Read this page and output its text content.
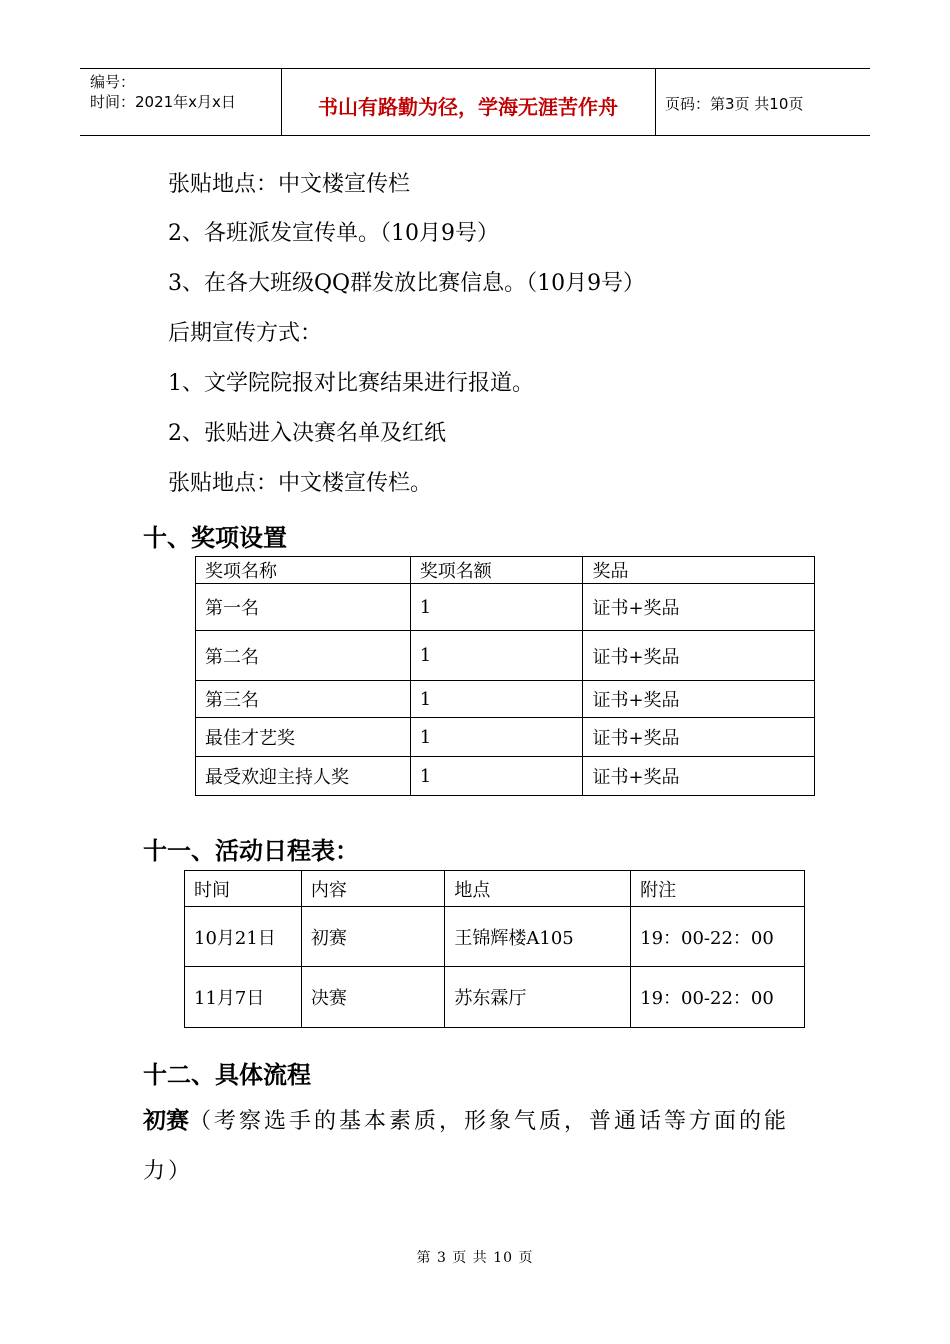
编号：
时间：2021年x月x日	书山有路勤为径，学海无涯苦作舟	页码：第3页 共10页
张贴地点：中文楼宣传栏
2、各班派发宣传单。（10月9号）
3、在各大班级QQ群发放比赛信息。（10月9号）
后期宣传方式：
1、文学院院报对比赛结果进行报道。
2、张贴进入决赛名单及红纸
张贴地点：中文楼宣传栏。
十、奖项设置
奖项名称	奖项名额	奖品
第一名	1	证书+奖品
第二名	1	证书+奖品
第三名	1	证书+奖品
最佳才艺奖	1	证书+奖品
最受欢迎主持人奖	1	证书+奖品
十一、活动日程表：
时间	内容	地点	附注
10月21日	初赛	王锦辉楼A105	19：00-22：00
11月7日	决赛	苏东霖厅	19：00-22：00
十二、具体流程
初赛（考察选手的基本素质，形象气质，普通话等方面的能力）
第 3 页 共 10 页
